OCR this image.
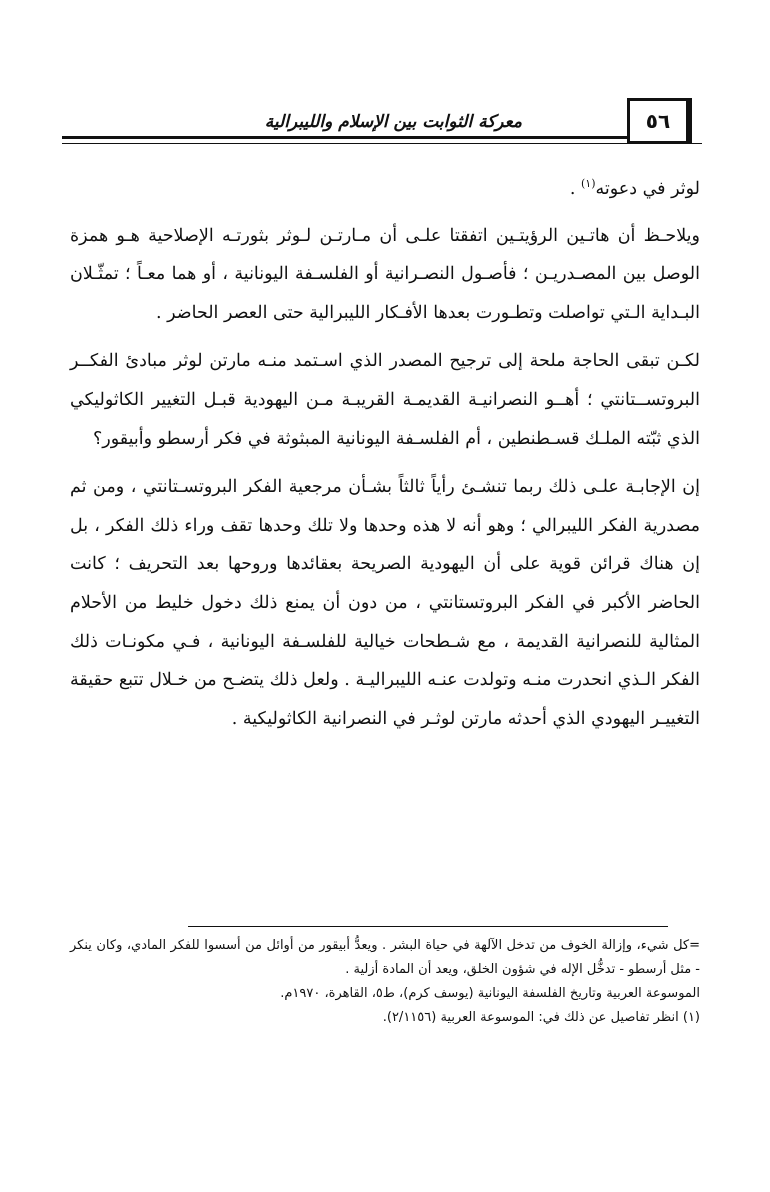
معركة الثوابت بين الإسلام والليبرالية	٥٦

لوثر في دعوته$^{(١)}$ .

ويلاحـظ أن هاتـين الرؤيتـين اتفقتا علـى أن مـارتـن لـوثر بثورتـه الإصلاحية هـو همزة الوصل بين المصـدريـن ؛ فأصـول النصـرانية أو الفلسـفة اليونانية ، أو هما معـاً ؛ تمثّـلان البـداية الـتي تواصلت وتطـورت بعدها الأفـكار الليبرالية حتى العصر الحاضر .

لكـن تبقى الحاجة ملحة إلى ترجيح المصدر الذي اسـتمد منـه مارتن لوثر مبادئ الفكــر البروتســتانتي ؛ أهــو النصرانيـة القديمـة القريبـة مـن اليهودية قبـل التغيير الكاثوليكي الذي ثبّته الملـك قسـطنطين ، أم الفلسـفة اليونانية المبثوثة في فكر أرسطو وأبيقور؟

إن الإجابـة علـى ذلك ربما تنشـئ رأياً ثالثاً بشـأن مرجعية الفكر البروتسـتانتي ، ومن ثم مصدرية الفكر الليبرالي ؛ وهو أنه لا هذه وحدها ولا تلك وحدها تقف وراء ذلك الفكر ، بل إن هناك قرائن قوية على أن اليهودية الصريحة بعقائدها وروحها بعد التحريف ؛ كانت الحاضر الأكبر في الفكر البروتستانتي ، من دون أن يمنع ذلك دخول خليط من الأحلام المثالية للنصرانية القديمة ، مع شـطحات خيالية للفلسـفة اليونانية ، فـي مكونـات ذلك الفكر الـذي انحدرت منـه وتولدت عنـه الليبراليـة . ولعل ذلك يتضـح من خـلال تتبع حقيقة التغييـر اليهودي الذي أحدثه مارتن لوثـر في النصرانية الكاثوليكية .

=كل شيء، وإزالة الخوف من تدخل الآلهة في حياة البشر . ويعدُّ أبيقور من أوائل من أسسوا للفكر المادي، وكان ينكر - مثل أرسطو - تدخُّل الإله في شؤون الخلق، ويعد أن المادة أزلية .

الموسوعة العربية وتاريخ الفلسفة اليونانية (يوسف كرم)، ط٥، القاهرة، ١٩٧٠م.

(١) انظر تفاصيل عن ذلك في: الموسوعة العربية (٢/١١٥٦).
